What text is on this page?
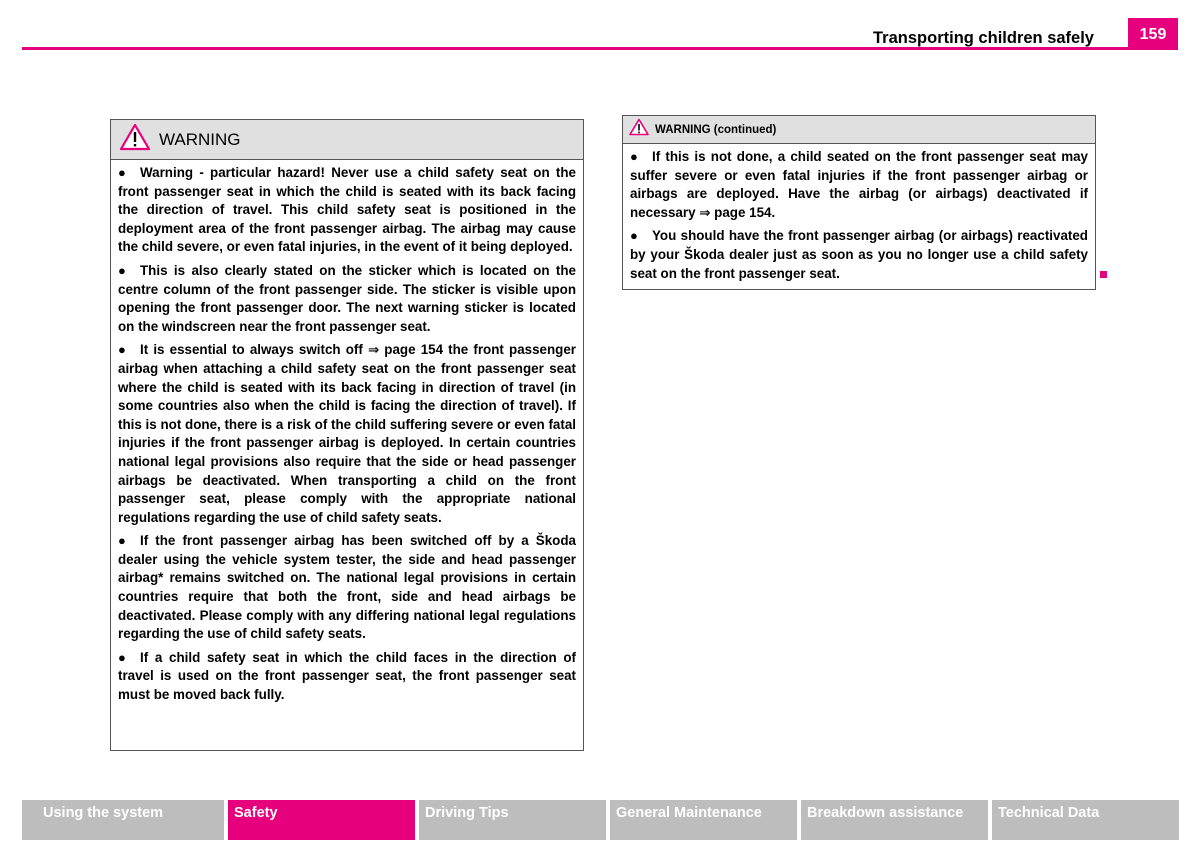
Transporting children safely	159
WARNING

● Warning - particular hazard! Never use a child safety seat on the front passenger seat in which the child is seated with its back facing the direction of travel. This child safety seat is positioned in the deployment area of the front passenger airbag. The airbag may cause the child severe, or even fatal injuries, in the event of it being deployed.

● This is also clearly stated on the sticker which is located on the centre column of the front passenger side. The sticker is visible upon opening the front passenger door. The next warning sticker is located on the windscreen near the front passenger seat.

● It is essential to always switch off ⇒ page 154 the front passenger airbag when attaching a child safety seat on the front passenger seat where the child is seated with its back facing in direction of travel (in some countries also when the child is facing the direction of travel). If this is not done, there is a risk of the child suffering severe or even fatal injuries if the front passenger airbag is deployed. In certain countries national legal provisions also require that the side or head passenger airbags be deactivated. When transporting a child on the front passenger seat, please comply with the appropriate national regulations regarding the use of child safety seats.

● If the front passenger airbag has been switched off by a Škoda dealer using the vehicle system tester, the side and head passenger airbag* remains switched on. The national legal provisions in certain countries require that both the front, side and head airbags be deactivated. Please comply with any differing national legal regulations regarding the use of child safety seats.

● If a child safety seat in which the child faces in the direction of travel is used on the front passenger seat, the front passenger seat must be moved back fully.

WARNING (continued)

● If this is not done, a child seated on the front passenger seat may suffer severe or even fatal injuries if the front passenger airbag or airbags are deployed. Have the airbag (or airbags) deactivated if necessary ⇒ page 154.

● You should have the front passenger airbag (or airbags) reactivated by your Škoda dealer just as soon as you no longer use a child safety seat on the front passenger seat.

Using the system	Safety	Driving Tips	General Maintenance	Breakdown assistance	Technical Data
